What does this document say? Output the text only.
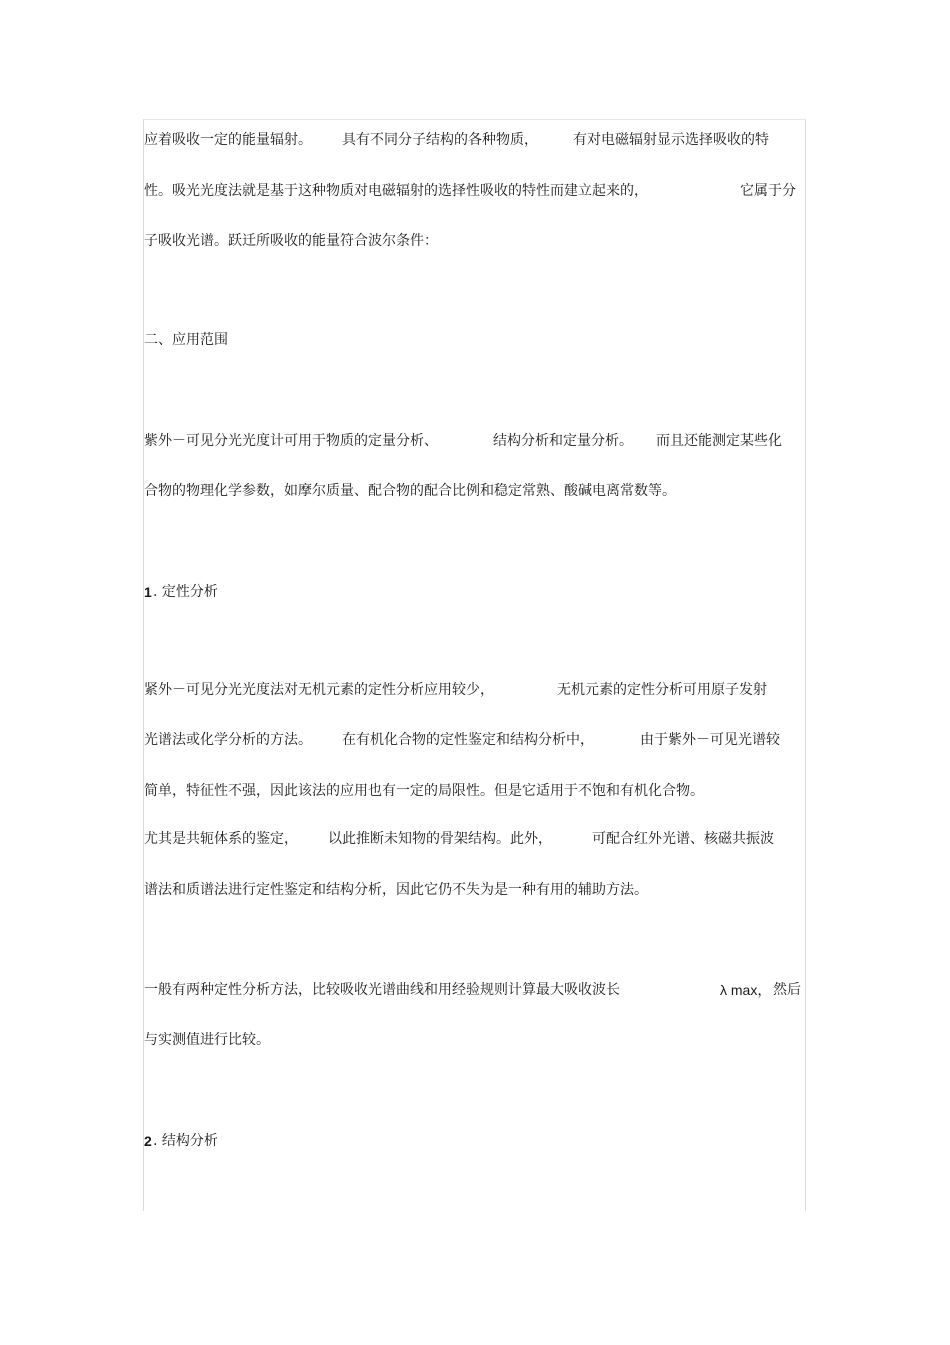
应着吸收一定的能量辐射。 具有不同分子结构的各种物质，	有对电磁辐射显示选择吸收的特
性。吸光光度法就是基于这种物质对电磁辐射的选择性吸收的特性而建立起来的，	它属于分
子吸收光谱。跃迁所吸收的能量符合波尔条件：
二、应用范围
紫外－可见分光光度计可用于物质的定量分析、	结构分析和定量分析。 而且还能测定某些化
合物的物理化学参数，如摩尔质量、配合物的配合比例和稳定常熟、酸碱电离常数等。
1 . 定性分析
紧外－可见分光光度法对无机元素的定性分析应用较少，	无机元素的定性分析可用原子发射
光谱法或化学分析的方法。 在有机化合物的定性鉴定和结构分析中，	由于紫外－可见光谱较
简单，特征性不强，因此该法的应用也有一定的局限性。但是它适用于不饱和有机化合物。
尤其是共轭体系的鉴定， 以此推断未知物的骨架结构。此外，	可配合红外光谱、核磁共振波
谱法和质谱法进行定性鉴定和结构分析，因此它仍不失为是一种有用的辅助方法。
一般有两种定性分析方法，比较吸收光谱曲线和用经验规则计算最大吸收波长	λ max， 然后
与实测值进行比较。
2 . 结构分析
